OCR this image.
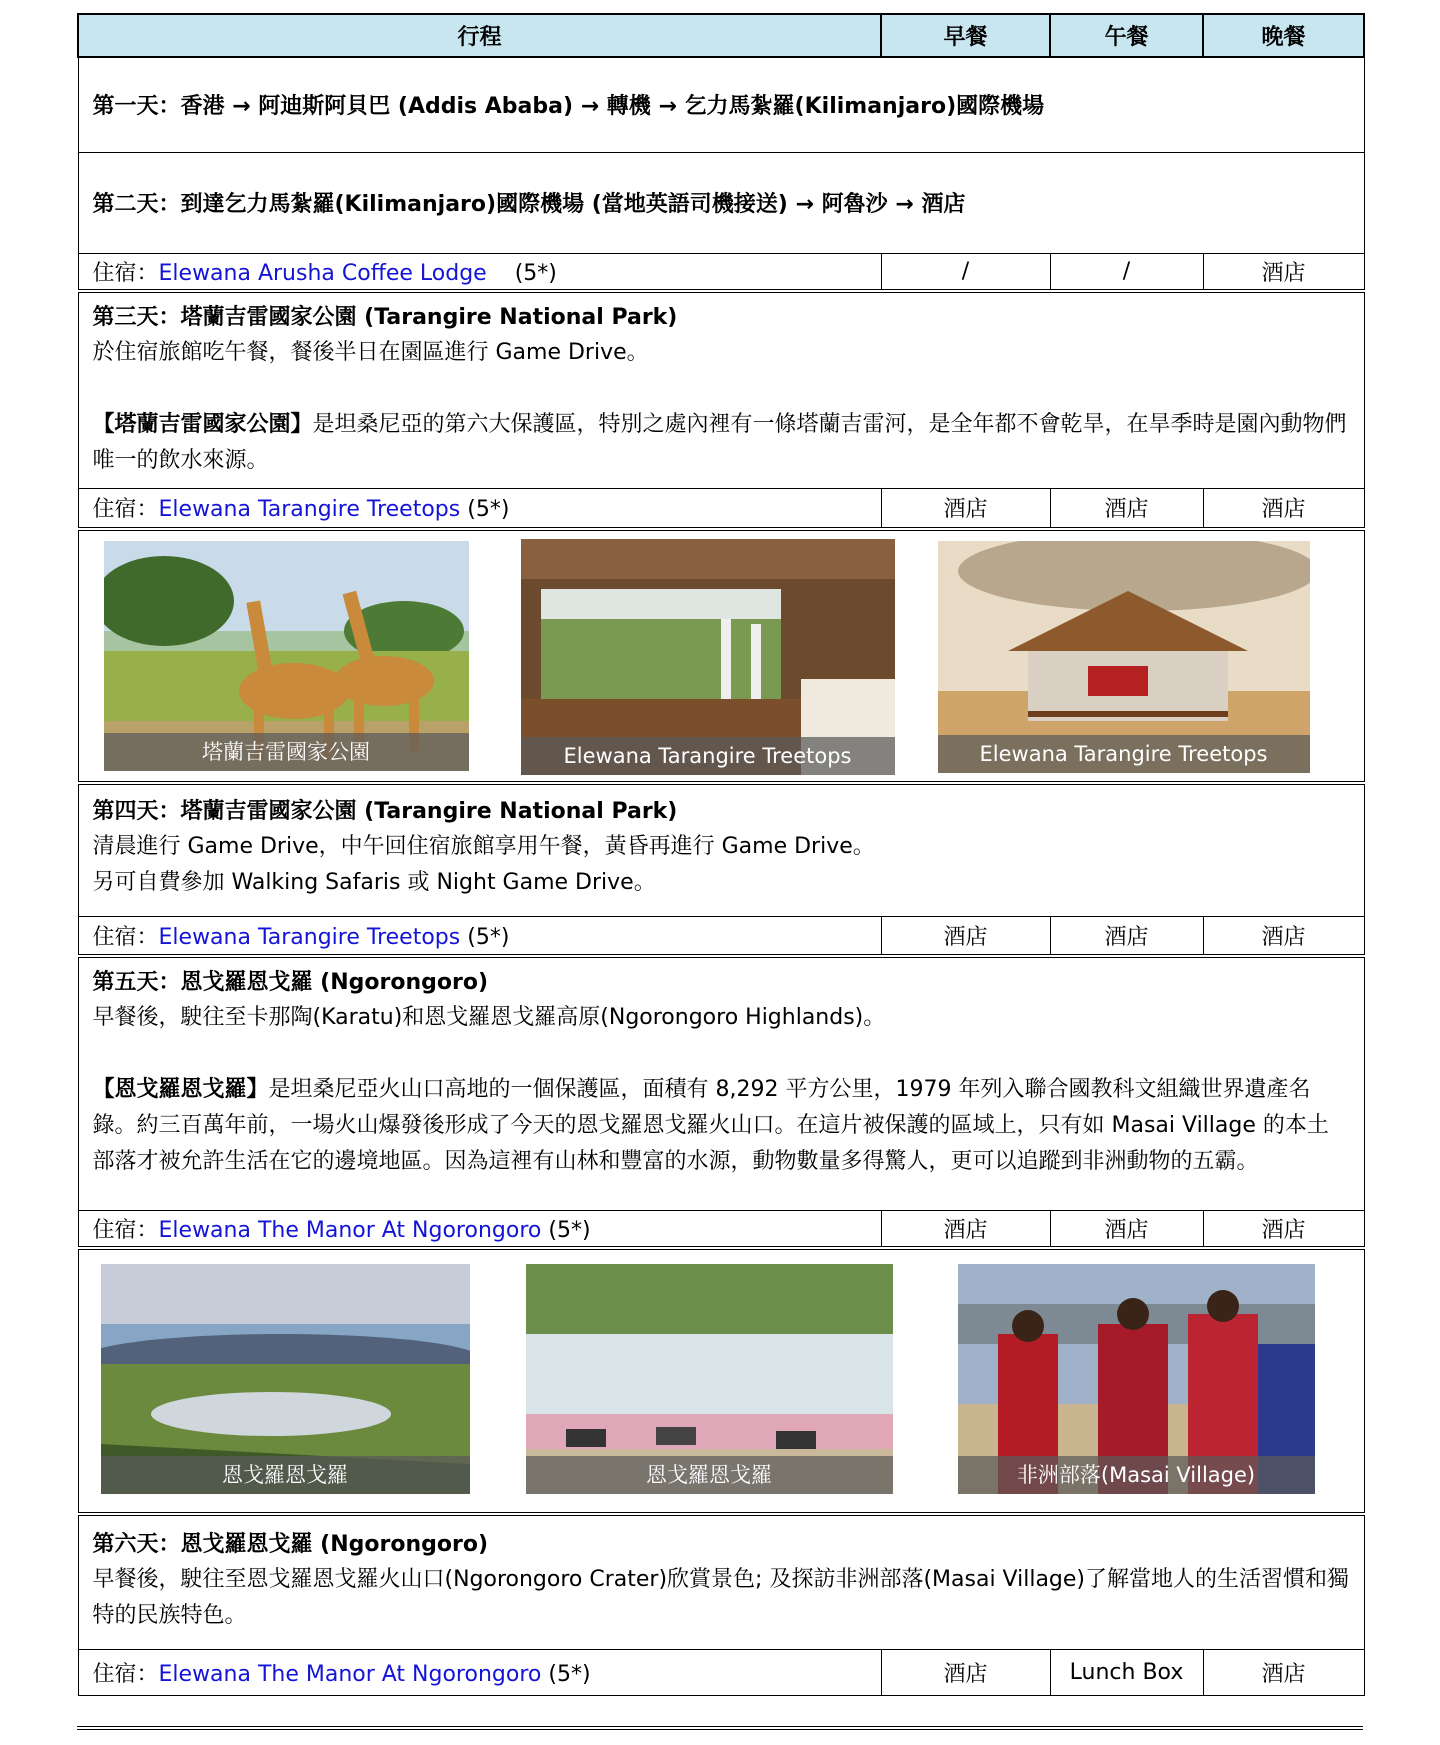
行程	早餐	午餐	晚餐
第一天：香港 → 阿迪斯阿貝巴 (Addis Ababa) → 轉機 → 乞力馬紮羅(Kilimanjaro)國際機場			
第二天：到達乞力馬紮羅(Kilimanjaro)國際機場 (當地英語司機接送) → 阿魯沙 → 酒店			
住宿：Elewana Arusha Coffee Lodge (5*)	/	/	酒店

第三天：塔蘭吉雷國家公園 (Tarangire National Park)
於住宿旅館吃午餐，餐後半日在園區進行 Game Drive。
【塔蘭吉雷國家公園】是坦桑尼亞的第六大保護區，特別之處內裡有一條塔蘭吉雷河，是全年都不會乾旱，在旱季時是園內動物們唯一的飲水來源。			

住宿：Elewana Tarangire Treetops (5*)	酒店	酒店	酒店

塔蘭吉雷國家公園 Elewana Tarangire Treetops Elewana Tarangire Treetops			

第四天：塔蘭吉雷國家公園 (Tarangire National Park)
清晨進行 Game Drive，中午回住宿旅館享用午餐，黃昏再進行 Game Drive。
另可自費參加 Walking Safaris 或 Night Game Drive。			

住宿：Elewana Tarangire Treetops (5*)	酒店	酒店	酒店

第五天：恩戈羅恩戈羅 (Ngorongoro)
早餐後，駛往至卡那陶(Karatu)和恩戈羅恩戈羅高原(Ngorongoro Highlands)。
【恩戈羅恩戈羅】是坦桑尼亞火山口高地的一個保護區，面積有 8,292 平方公里，1979 年列入聯合國教科文組織世界遺產名錄。約三百萬年前，一場火山爆發後形成了今天的恩戈羅恩戈羅火山口。在這片被保護的區域上，只有如 Masai Village 的本土部落才被允許生活在它的邊境地區。因為這裡有山林和豐富的水源，動物數量多得驚人，更可以追蹤到非洲動物的五霸。			

住宿：Elewana The Manor At Ngorongoro (5*)	酒店	酒店	酒店

恩戈羅恩戈羅 恩戈羅恩戈羅 非洲部落(Masai Village)			

第六天：恩戈羅恩戈羅 (Ngorongoro)
早餐後，駛往至恩戈羅恩戈羅火山口(Ngorongoro Crater)欣賞景色; 及探訪非洲部落(Masai Village)了解當地人的生活習慣和獨特的民族特色。			

住宿：Elewana The Manor At Ngorongoro (5*)	酒店	Lunch Box	酒店
